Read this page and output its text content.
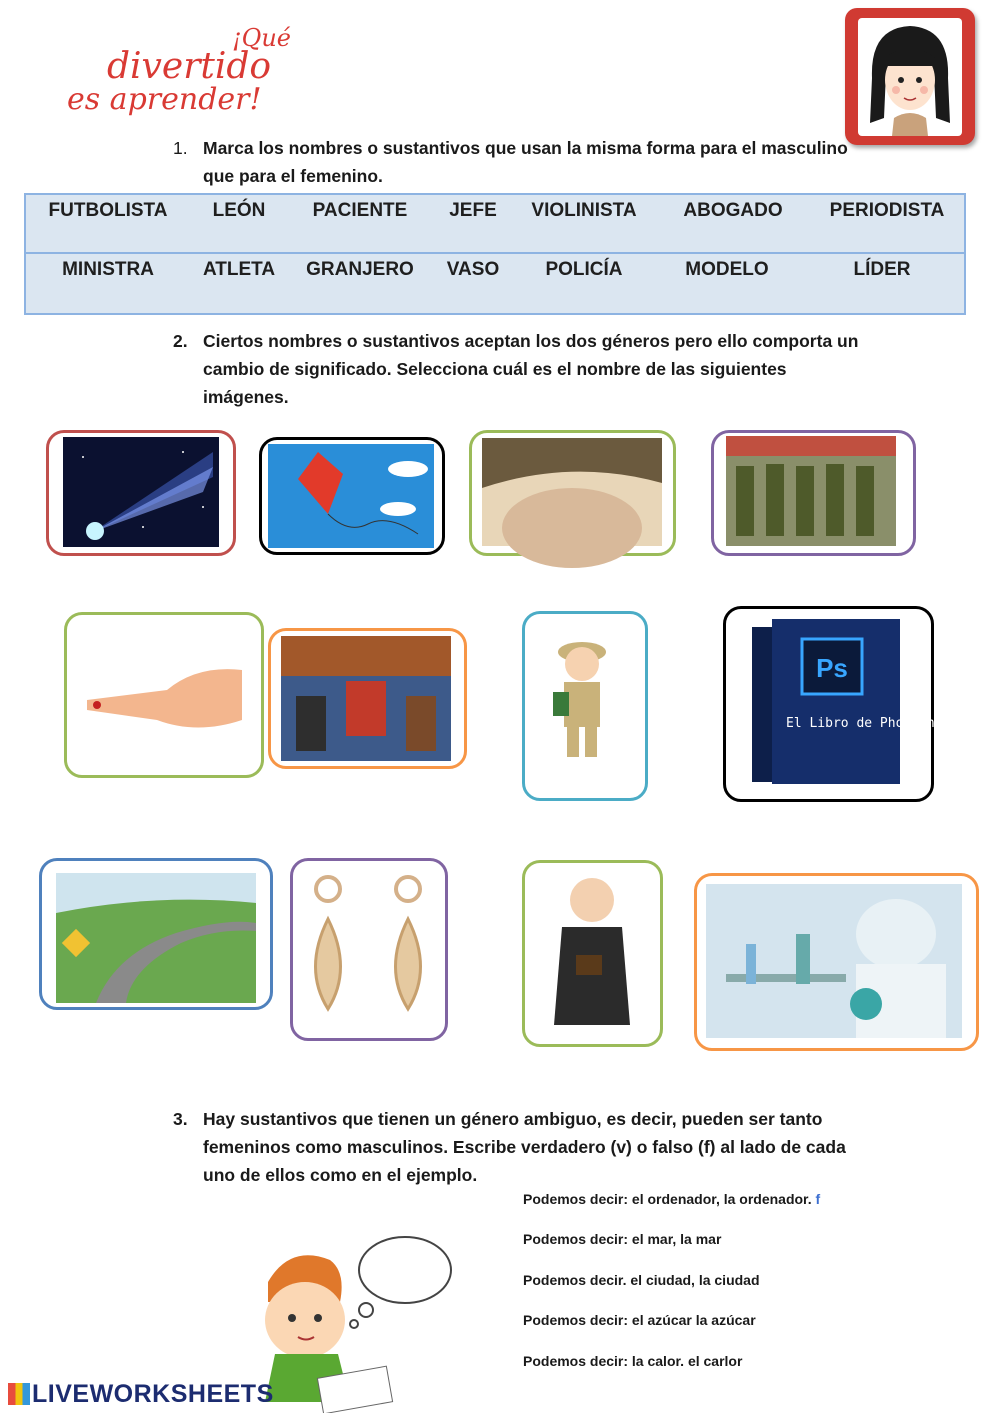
¡Qué
divertido
es aprender!
1. Marca los nombres o sustantivos que usan la misma forma para el masculino
que para el femenino.
FUTBOLISTA LEÓN PACIENTE JEFE VIOLINISTA ABOGADO PERIODISTA
MINISTRA	ATLETA GRANJERO VASO POLICÍA	MODELO	LÍDER
2. Ciertos nombres o sustantivos aceptan los dos géneros pero ello comporta un
cambio de significado. Selecciona cuál es el nombre de las siguientes
imágenes.
Ps
El Libro de Photoshop
3. Hay sustantivos que tienen un género ambiguo, es decir, pueden ser tanto
femeninos como masculinos. Escribe verdadero (v) o falso (f) al lado de cada
uno de ellos como en el ejemplo.
Podemos decir: el ordenador, la ordenador. f
Podemos decir: el mar, la mar
Podemos decir. el ciudad, la ciudad
Podemos decir: el azúcar la azúcar
Podemos decir: la calor. el carlor
LIVEWORKSHEETS
